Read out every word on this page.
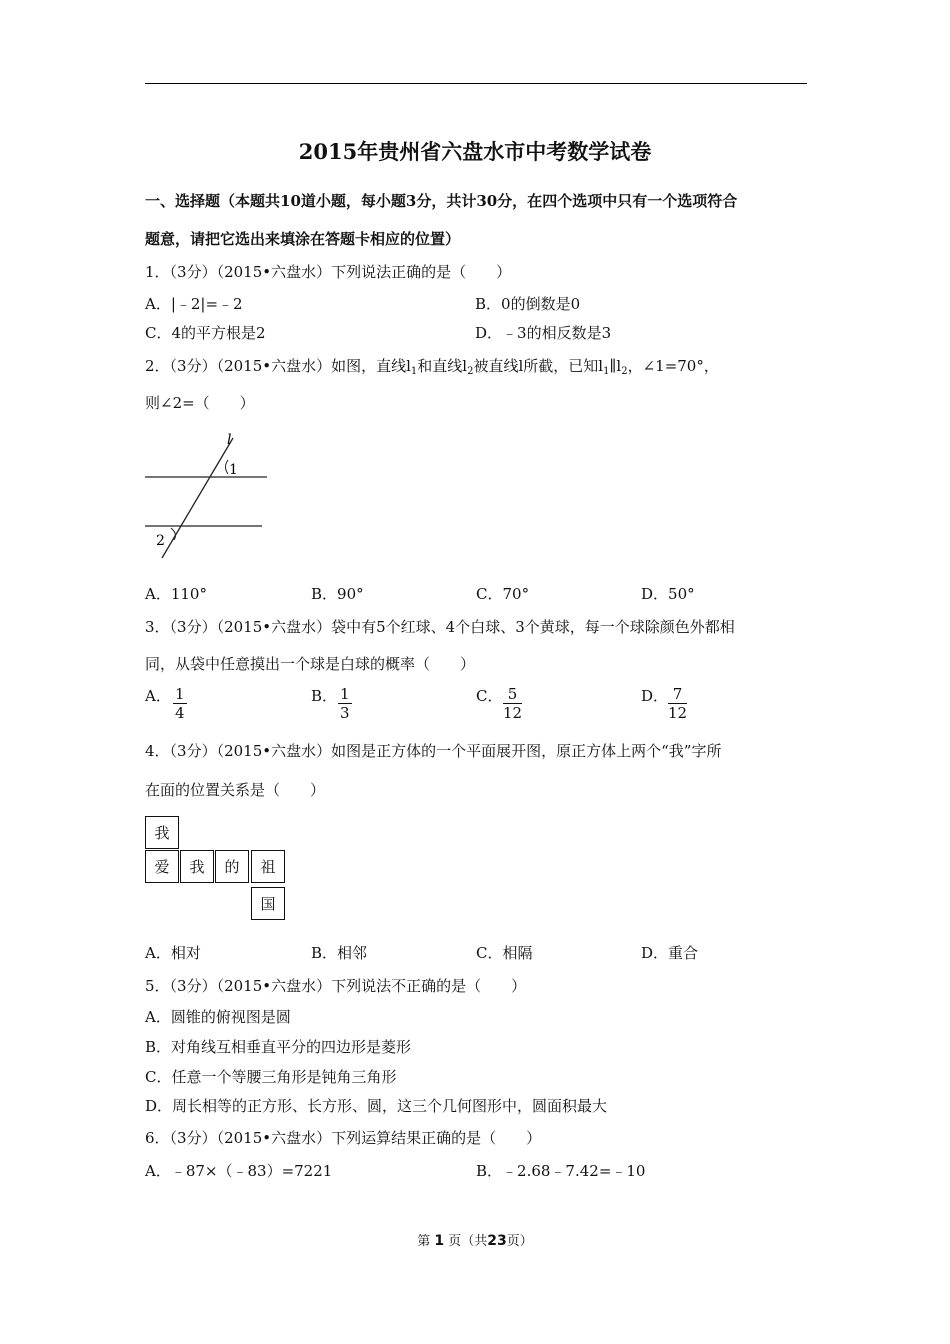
2015年贵州省六盘水市中考数学试卷
一、选择题（本题共10道小题，每小题3分，共计30分，在四个选项中只有一个选项符合
题意，请把它选出来填涂在答题卡相应的位置）
1．（3分）（2015•六盘水）下列说法正确的是（　　）
A．|﹣2|=﹣2	B．0的倒数是0
C．4的平方根是2	D．﹣3的相反数是3
2．（3分）（2015•六盘水）如图，直线$l_1$和直线$l_2$被直线l所截，已知$l_1\parallel l_2$，∠1=70°，
则∠2=（　　）
l
1
2
A．110°	B．90°	C．70°	D．50°
3．（3分）（2015•六盘水）袋中有5个红球、4个白球、3个黄球，每一个球除颜色外都相
同，从袋中任意摸出一个球是白球的概率（　　）
A． $\frac{1}{4}$	B． $\frac{1}{3}$	C． $\frac{5}{12}$	D． $\frac{7}{12}$
4．（3分）（2015•六盘水）如图是正方体的一个平面展开图，原正方体上两个“我”字所
在面的位置关系是（　　）
我
爱	我	的	祖
国
A．相对	B．相邻	C．相隔	D．重合
5．（3分）（2015•六盘水）下列说法不正确的是（　　）
A．圆锥的俯视图是圆
B．对角线互相垂直平分的四边形是菱形
C．任意一个等腰三角形是钝角三角形
D．周长相等的正方形、长方形、圆，这三个几何图形中，圆面积最大
6．（3分）（2015•六盘水）下列运算结果正确的是（　　）
A．﹣87×（﹣83）=7221	B．﹣2.68﹣7.42=﹣10
第 1 页（共23页）
